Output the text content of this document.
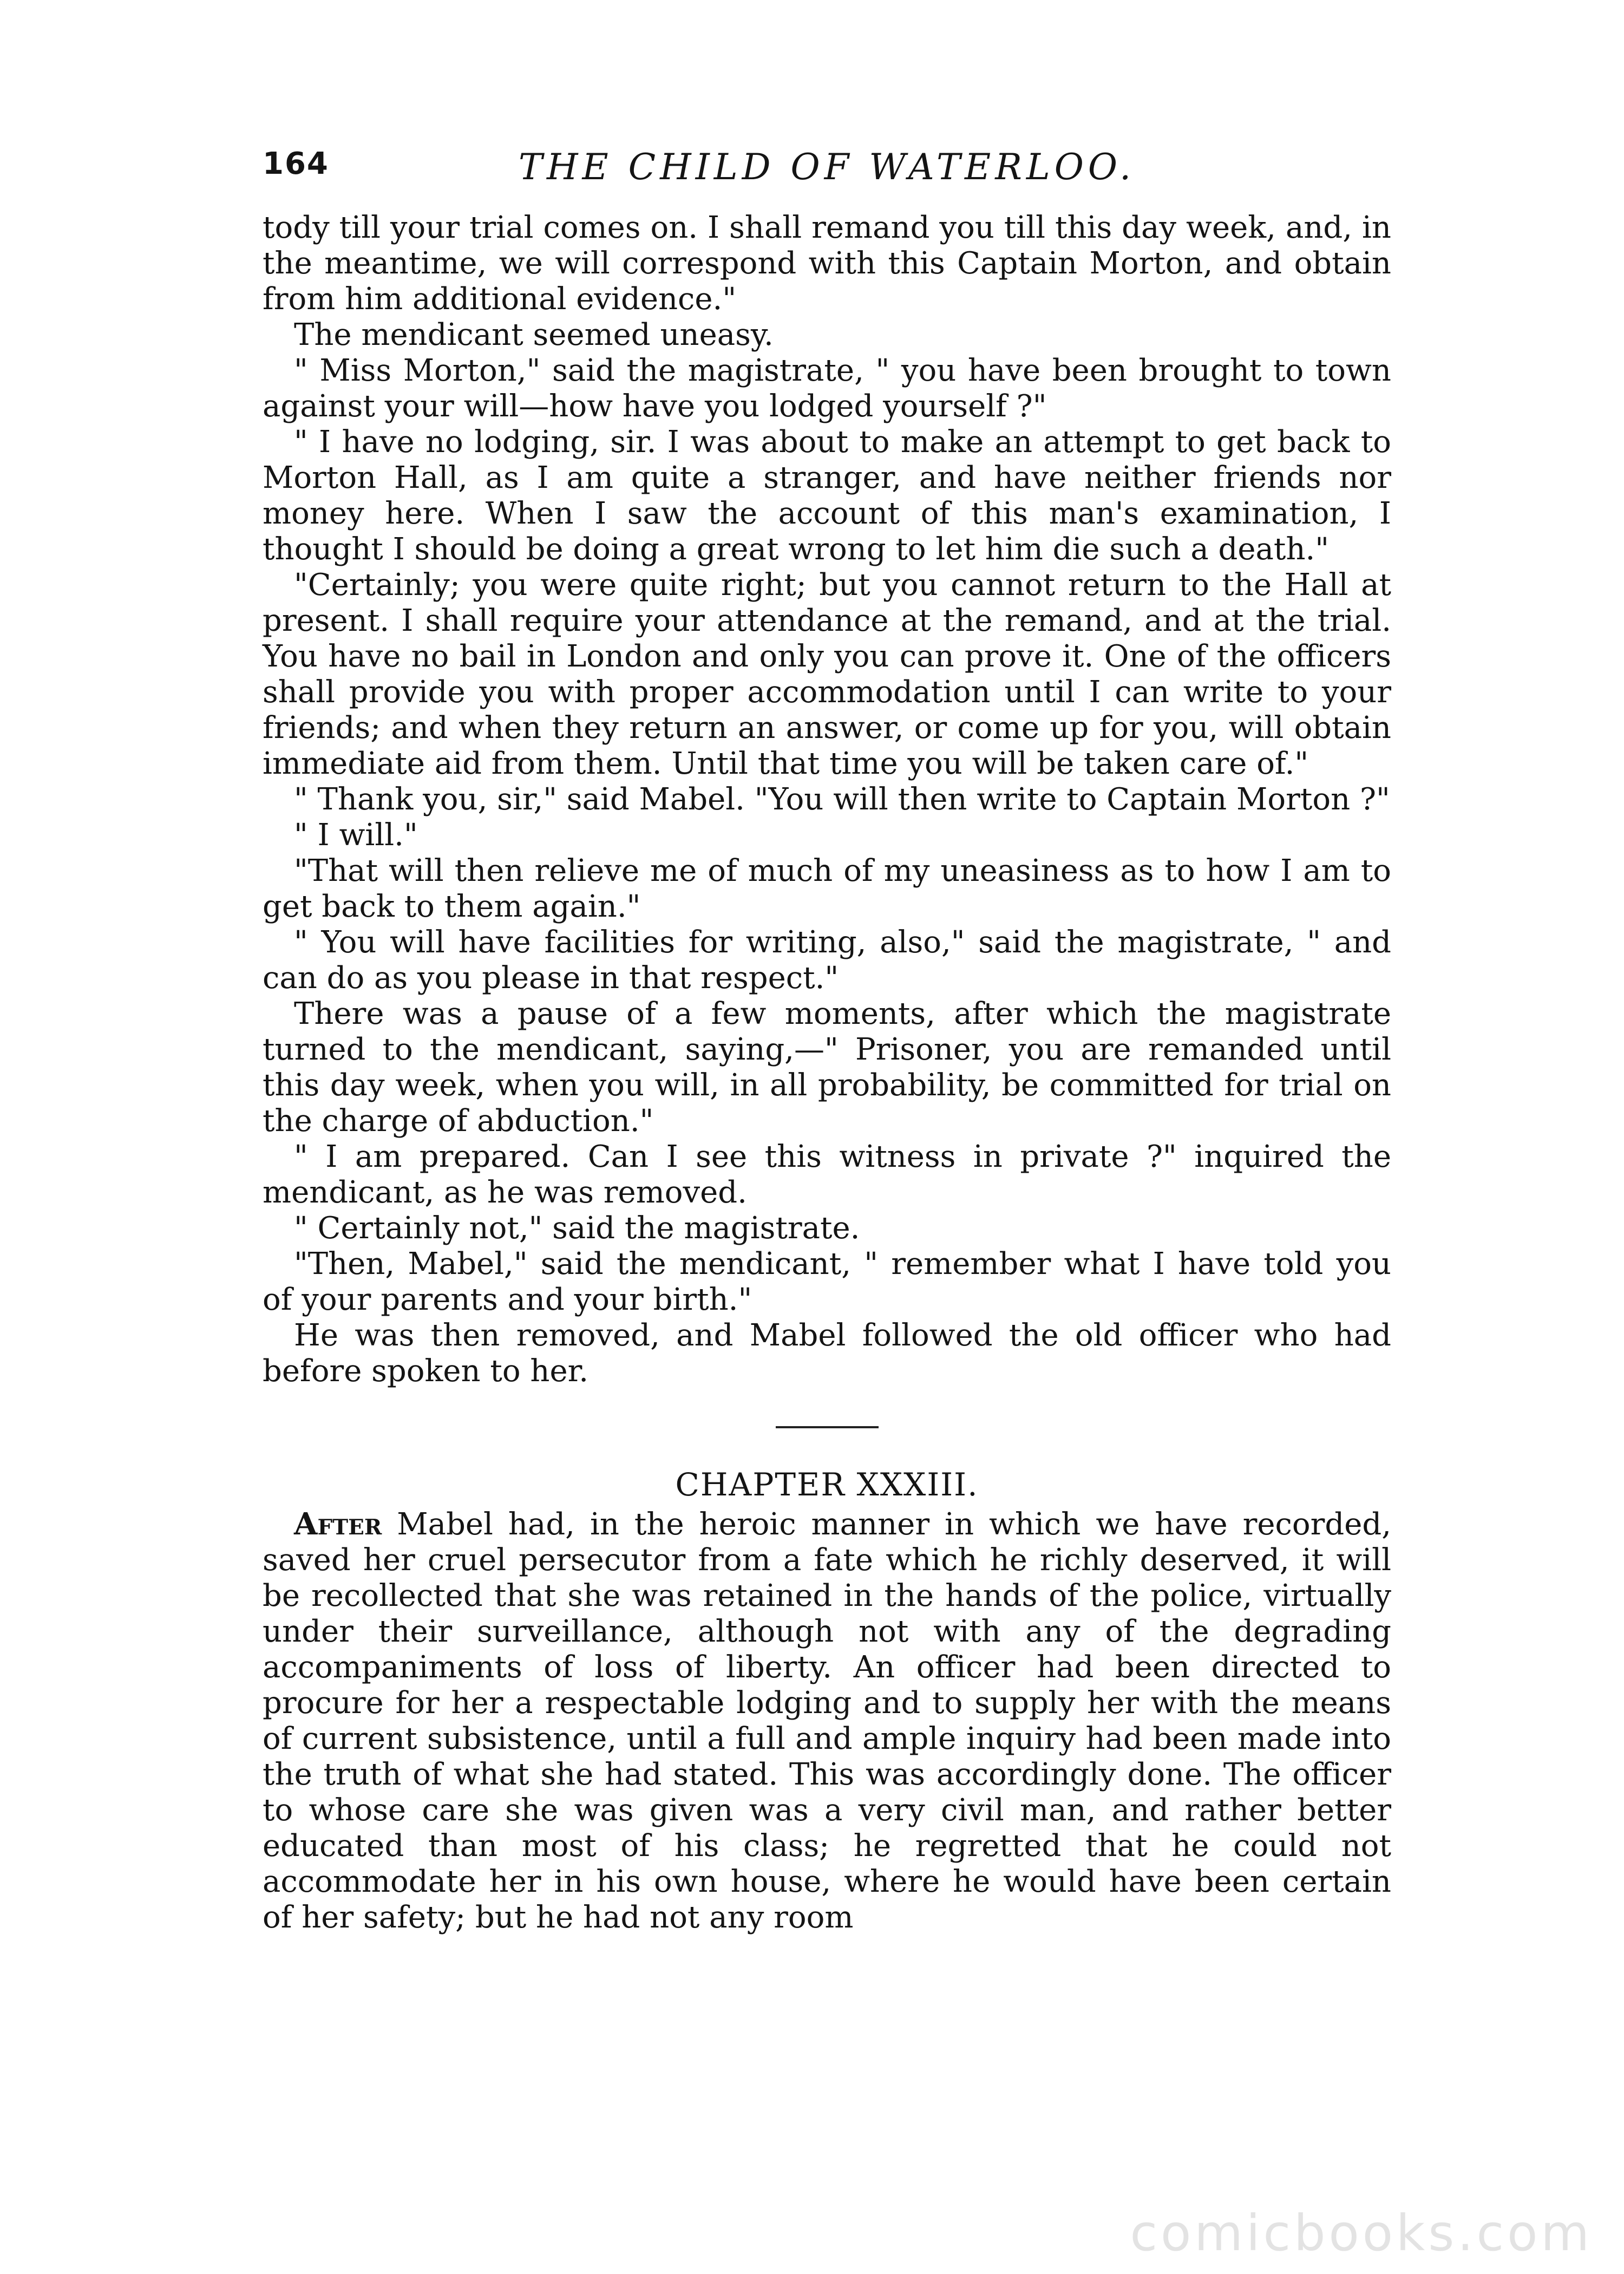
164	THE CHILD OF WATERLOO.

tody till your trial comes on. I shall remand you till this day week, and, in the meantime, we will correspond with this Captain Morton, and obtain from him additional evidence."

The mendicant seemed uneasy.

" Miss Morton," said the magistrate, " you have been brought to town against your will—how have you lodged yourself ?"

" I have no lodging, sir. I was about to make an attempt to get back to Morton Hall, as I am quite a stranger, and have neither friends nor money here. When I saw the account of this man's examination, I thought I should be doing a great wrong to let him die such a death."

"Certainly; you were quite right; but you cannot return to the Hall at present. I shall require your attendance at the remand, and at the trial. You have no bail in London and only you can prove it. One of the officers shall provide you with proper accommodation until I can write to your friends; and when they return an answer, or come up for you, will obtain immediate aid from them. Until that time you will be taken care of."

" Thank you, sir," said Mabel. "You will then write to Captain Morton ?"

" I will."

"That will then relieve me of much of my uneasiness as to how I am to get back to them again."

" You will have facilities for writing, also," said the magistrate, " and can do as you please in that respect."

There was a pause of a few moments, after which the magistrate turned to the mendicant, saying,—" Prisoner, you are remanded until this day week, when you will, in all probability, be committed for trial on the charge of abduction."

" I am prepared. Can I see this witness in private ?" inquired the mendicant, as he was removed.

" Certainly not," said the magistrate.

"Then, Mabel," said the mendicant, " remember what I have told you of your parents and your birth."

He was then removed, and Mabel followed the old officer who had before spoken to her.

CHAPTER XXXIII.

After Mabel had, in the heroic manner in which we have recorded, saved her cruel persecutor from a fate which he richly deserved, it will be recollected that she was retained in the hands of the police, virtually under their surveillance, although not with any of the degrading accompaniments of loss of liberty. An officer had been directed to procure for her a respectable lodging and to supply her with the means of current subsistence, until a full and ample inquiry had been made into the truth of what she had stated. This was accordingly done. The officer to whose care she was given was a very civil man, and rather better educated than most of his class; he regretted that he could not accommodate her in his own house, where he would have been certain of her safety; but he had not any room

comicbooks.com
